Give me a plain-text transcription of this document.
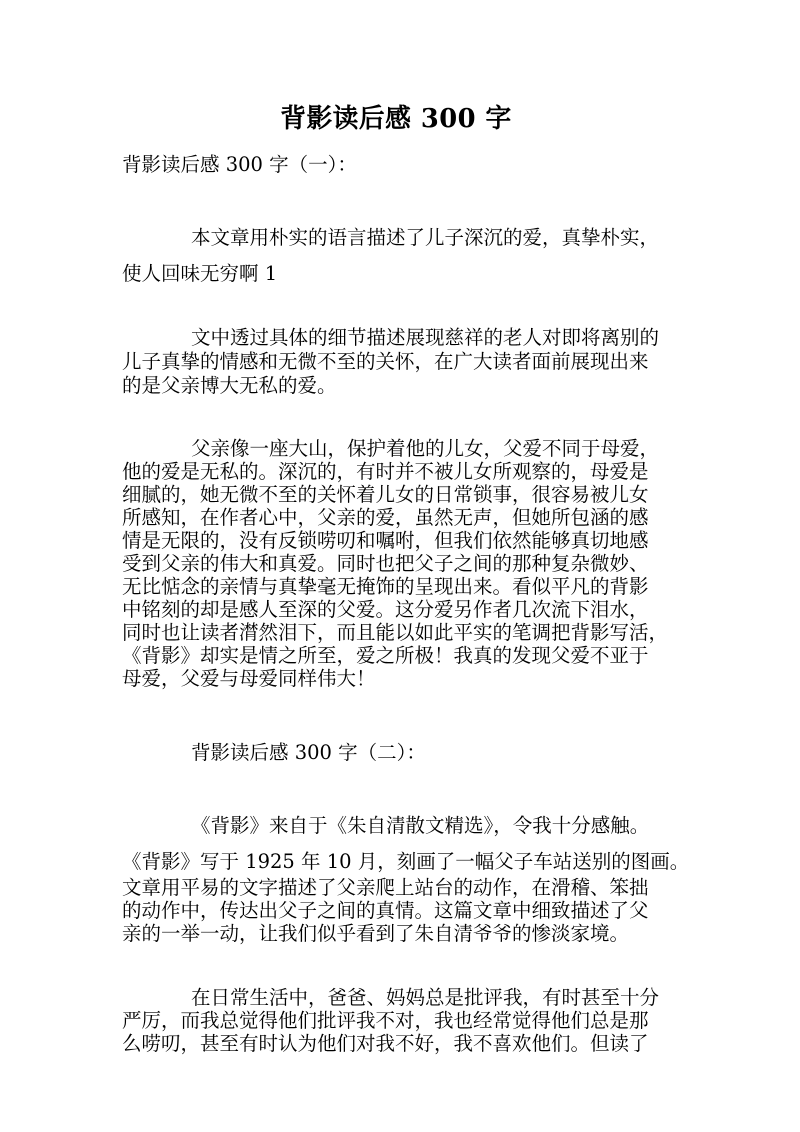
背影读后感 300 字
背影读后感 300 字（一）：
本文章用朴实的语言描述了儿子深沉的爱，真挚朴实，
使人回味无穷啊 1
文中透过具体的细节描述展现慈祥的老人对即将离别的
儿子真挚的情感和无微不至的关怀，在广大读者面前展现出来
的是父亲博大无私的爱。
父亲像一座大山，保护着他的儿女，父爱不同于母爱，
他的爱是无私的。深沉的，有时并不被儿女所观察的，母爱是
细腻的，她无微不至的关怀着儿女的日常锁事，很容易被儿女
所感知，在作者心中，父亲的爱，虽然无声，但她所包涵的感
情是无限的，没有反锁唠叨和嘱咐，但我们依然能够真切地感
受到父亲的伟大和真爱。同时也把父子之间的那种复杂微妙、
无比惦念的亲情与真挚毫无掩饰的呈现出来。看似平凡的背影
中铭刻的却是感人至深的父爱。这分爱另作者几次流下泪水，
同时也让读者潸然泪下，而且能以如此平实的笔调把背影写活，
《背影》却实是情之所至，爱之所极！我真的发现父爱不亚于
母爱，父爱与母爱同样伟大！
背影读后感 300 字（二）：
《背影》来自于《朱自清散文精选》，令我十分感触。
《背影》写于 1925 年 10 月，刻画了一幅父子车站送别的图画。
文章用平易的文字描述了父亲爬上站台的动作，在滑稽、笨拙
的动作中，传达出父子之间的真情。这篇文章中细致描述了父
亲的一举一动，让我们似乎看到了朱自清爷爷的惨淡家境。
在日常生活中，爸爸、妈妈总是批评我，有时甚至十分
严厉，而我总觉得他们批评我不对，我也经常觉得他们总是那
么唠叨，甚至有时认为他们对我不好，我不喜欢他们。但读了
